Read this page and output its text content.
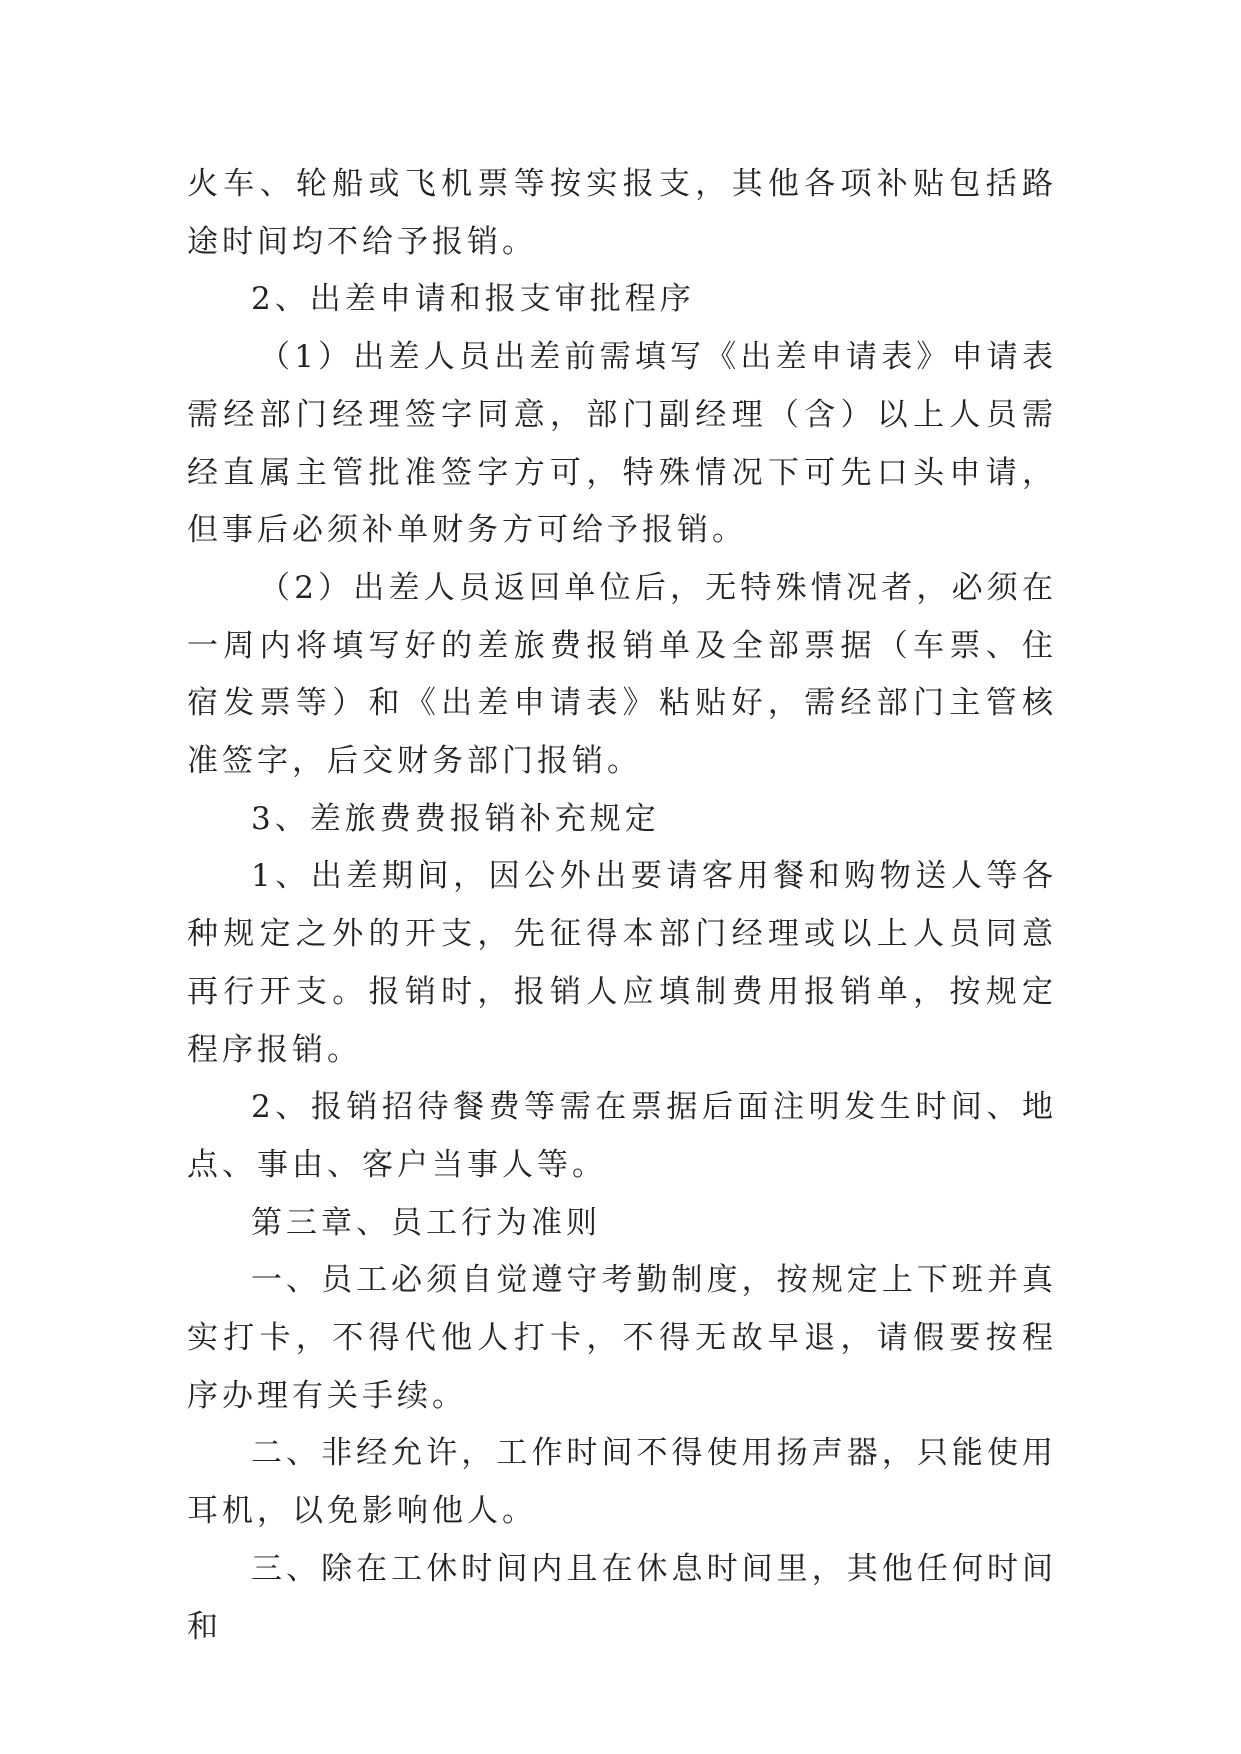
火车、轮船或飞机票等按实报支，其他各项补贴包括路途时间均不给予报销。

2、出差申请和报支审批程序

（1）出差人员出差前需填写《出差申请表》申请表需经部门经理签字同意，部门副经理（含）以上人员需经直属主管批准签字方可，特殊情况下可先口头申请，但事后必须补单财务方可给予报销。

（2）出差人员返回单位后，无特殊情况者，必须在一周内将填写好的差旅费报销单及全部票据（车票、住宿发票等）和《出差申请表》粘贴好，需经部门主管核准签字，后交财务部门报销。

3、差旅费费报销补充规定

1、出差期间，因公外出要请客用餐和购物送人等各种规定之外的开支，先征得本部门经理或以上人员同意再行开支。报销时，报销人应填制费用报销单，按规定程序报销。

2、报销招待餐费等需在票据后面注明发生时间、地点、事由、客户当事人等。

第三章、员工行为准则

一、员工必须自觉遵守考勤制度，按规定上下班并真实打卡，不得代他人打卡，不得无故早退，请假要按程序办理有关手续。

二、非经允许，工作时间不得使用扬声器，只能使用耳机，以免影响他人。

三、除在工休时间内且在休息时间里，其他任何时间和
